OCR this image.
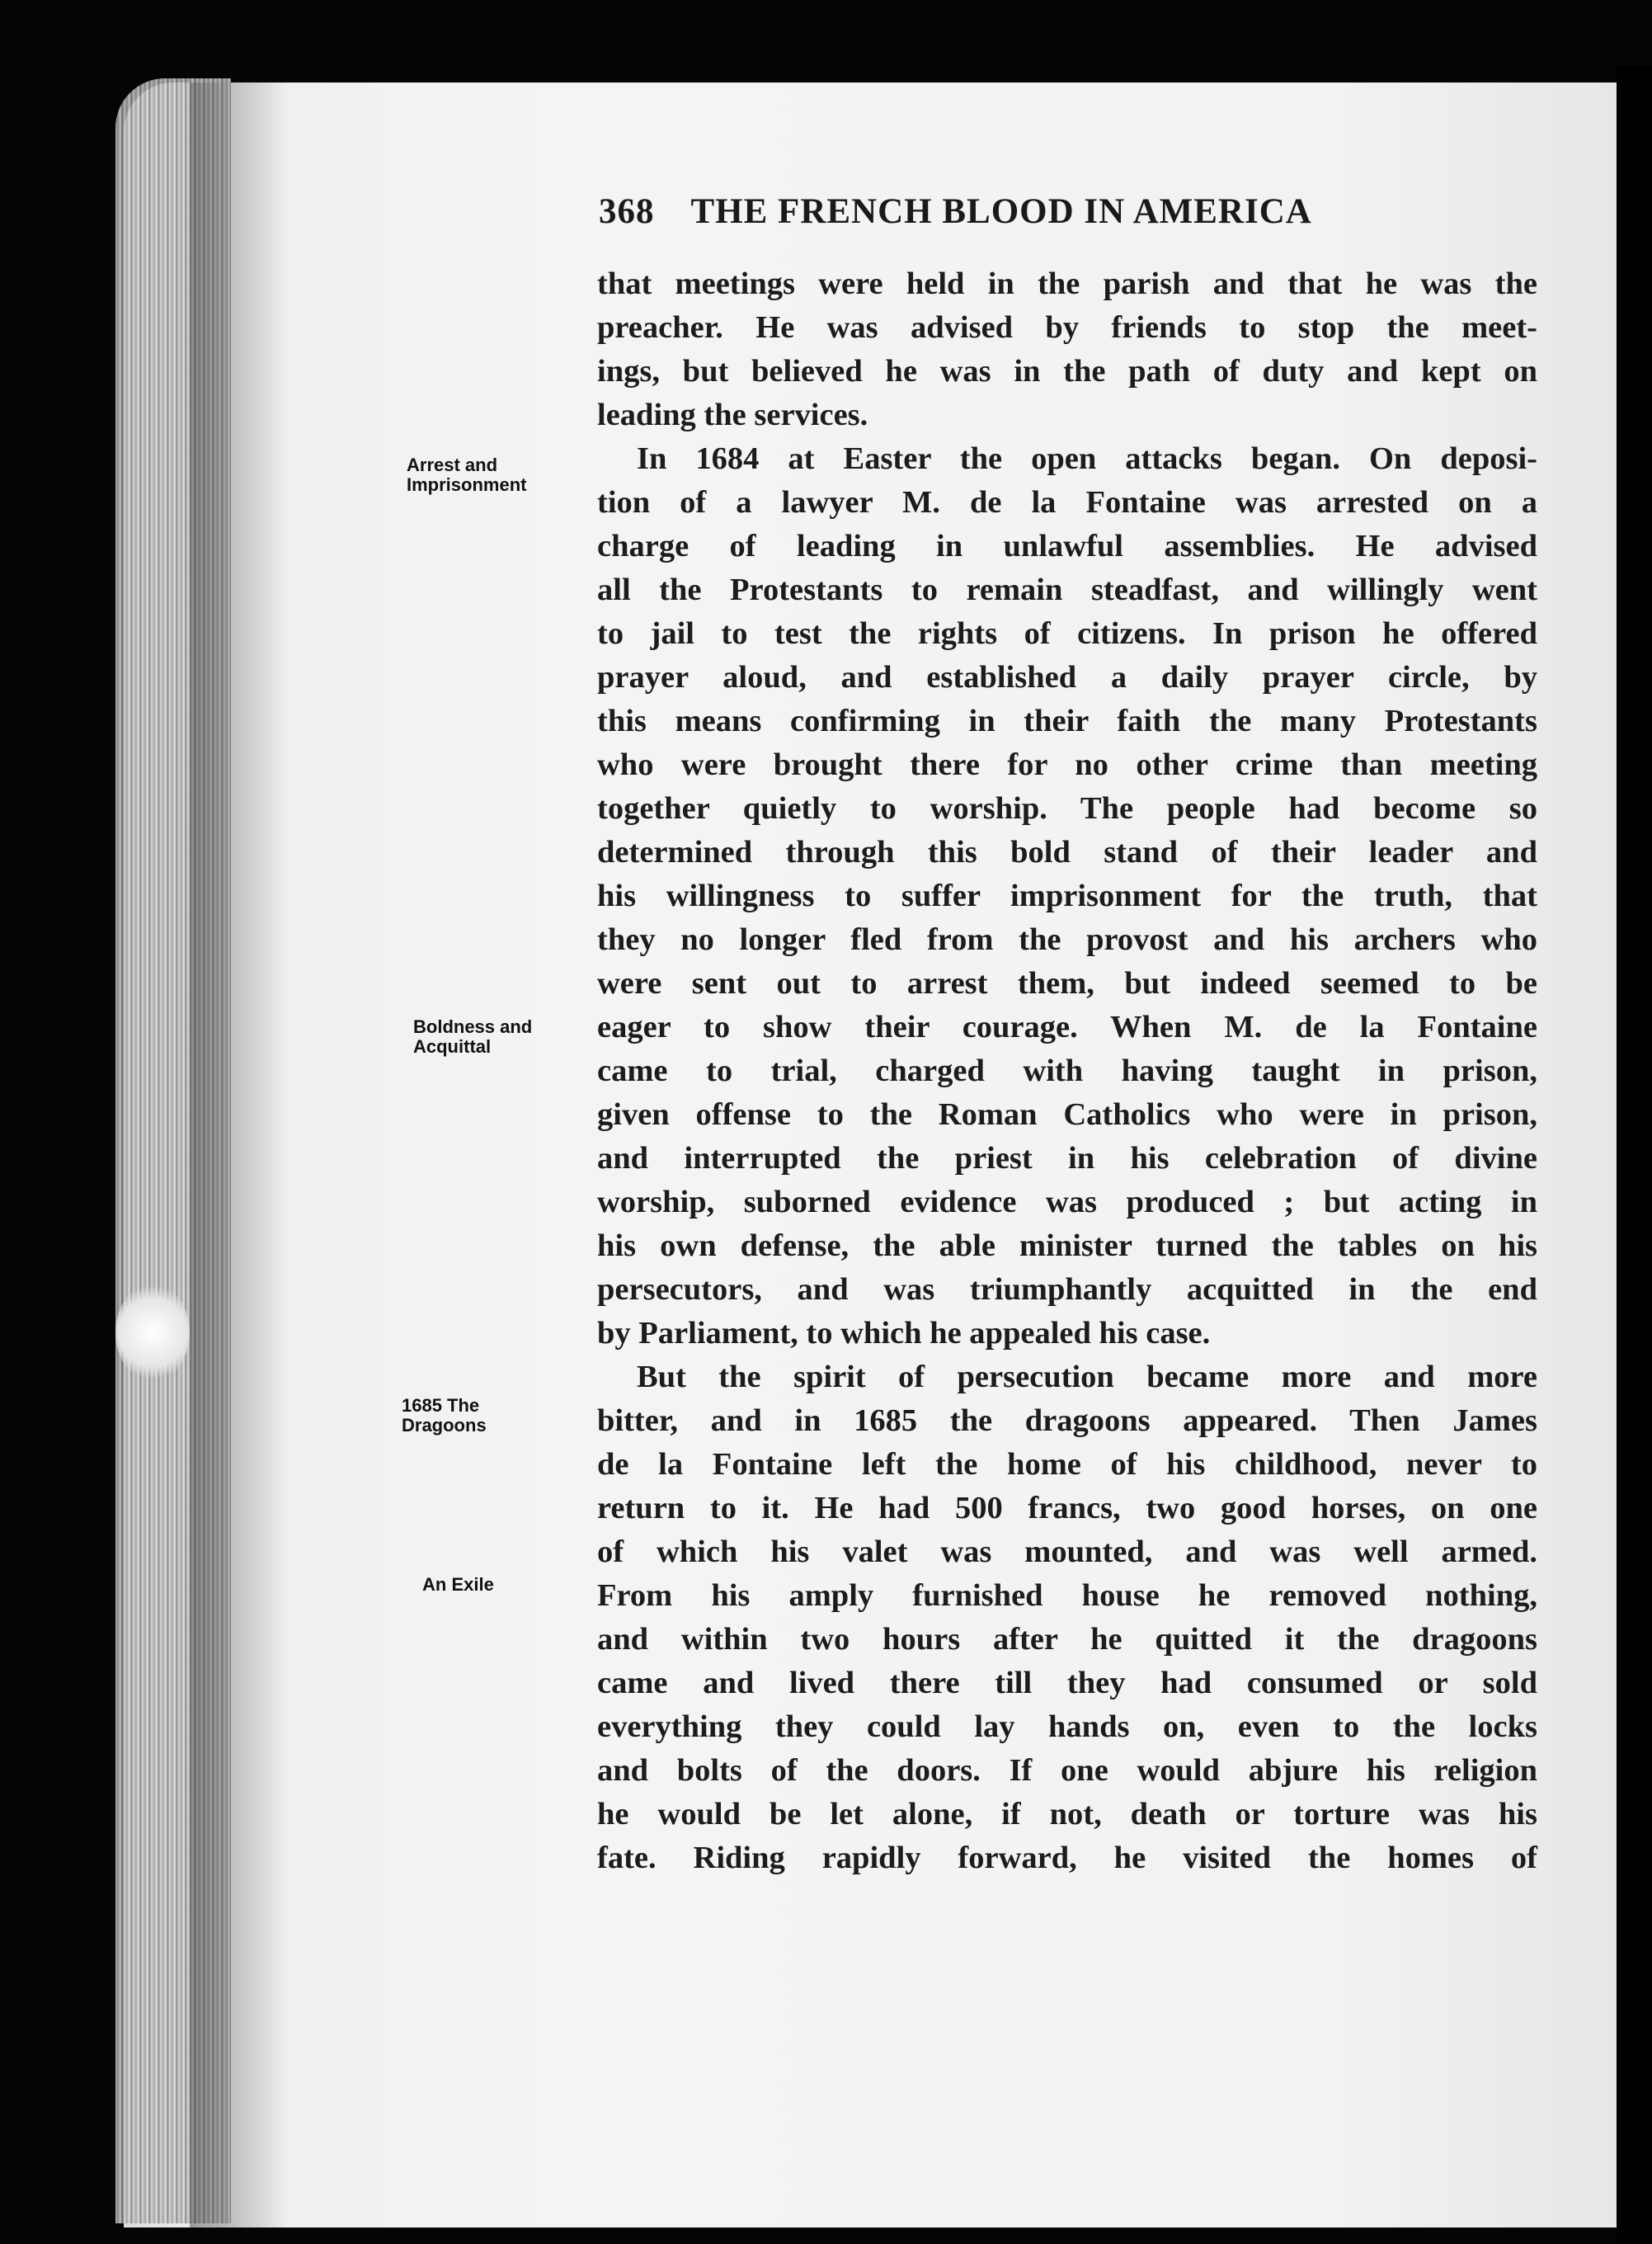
368 THE FRENCH BLOOD IN AMERICA
Arrest and
Imprisonment
Boldness and
Acquittal
1685 The
Dragoons
An Exile
that meetings were held in the parish and that he was the
preacher. He was advised by friends to stop the meet-
ings, but believed he was in the path of duty and kept on
leading the services.
In 1684 at Easter the open attacks began. On deposi-
tion of a lawyer M. de la Fontaine was arrested on a
charge of leading in unlawful assemblies. He advised
all the Protestants to remain steadfast, and willingly went
to jail to test the rights of citizens. In prison he offered
prayer aloud, and established a daily prayer circle, by
this means confirming in their faith the many Protestants
who were brought there for no other crime than meeting
together quietly to worship. The people had become so
determined through this bold stand of their leader and
his willingness to suffer imprisonment for the truth, that
they no longer fled from the provost and his archers who
were sent out to arrest them, but indeed seemed to be
eager to show their courage. When M. de la Fontaine
came to trial, charged with having taught in prison,
given offense to the Roman Catholics who were in prison,
and interrupted the priest in his celebration of divine
worship, suborned evidence was produced ; but acting in
his own defense, the able minister turned the tables on his
persecutors, and was triumphantly acquitted in the end
by Parliament, to which he appealed his case.
But the spirit of persecution became more and more
bitter, and in 1685 the dragoons appeared. Then James
de la Fontaine left the home of his childhood, never to
return to it. He had 500 francs, two good horses, on one
of which his valet was mounted, and was well armed.
From his amply furnished house he removed nothing,
and within two hours after he quitted it the dragoons
came and lived there till they had consumed or sold
everything they could lay hands on, even to the locks
and bolts of the doors. If one would abjure his religion
he would be let alone, if not, death or torture was his
fate. Riding rapidly forward, he visited the homes of
